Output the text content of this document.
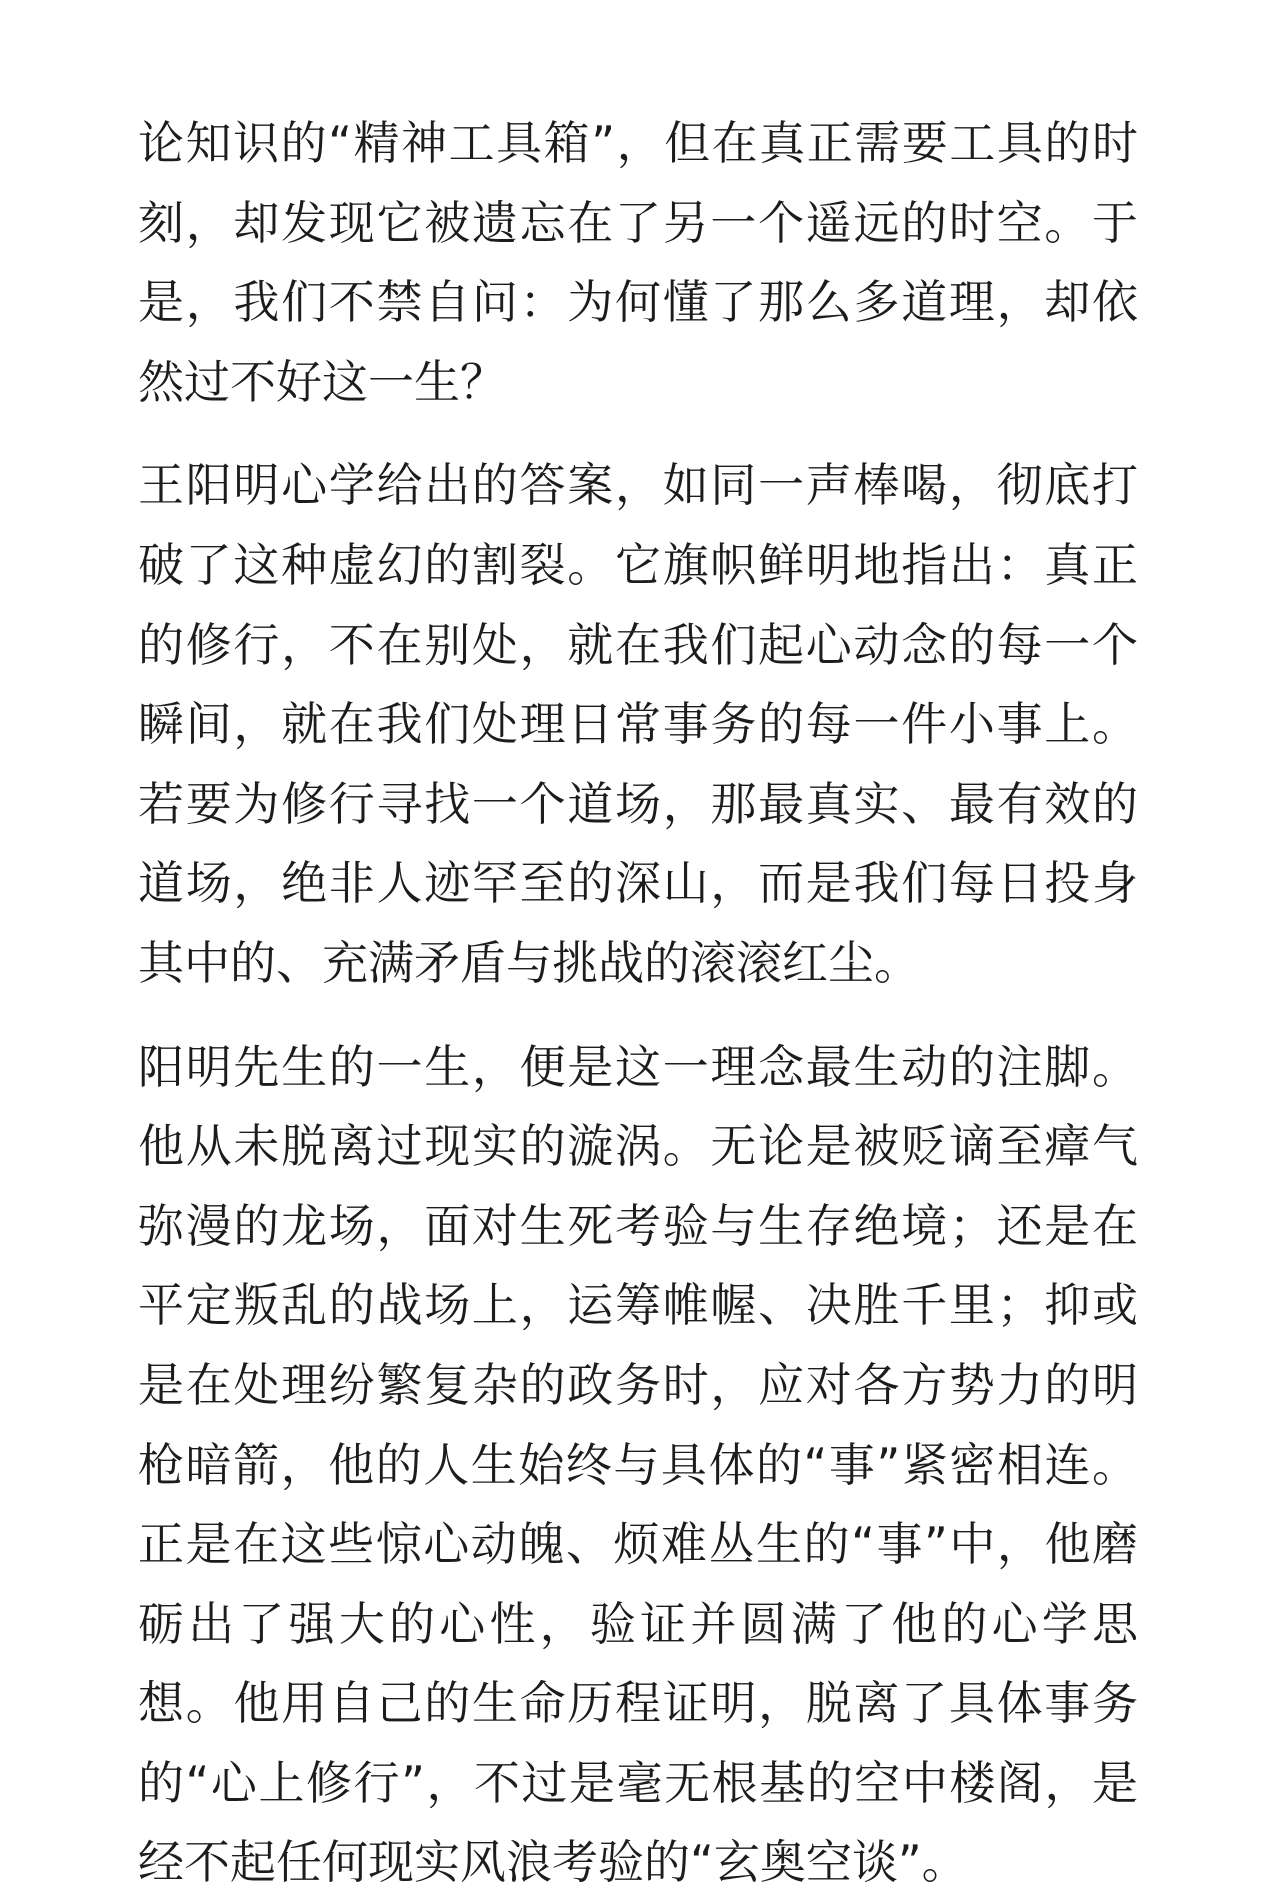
论知识的“精神工具箱”，但在真正需要工具的时刻，却发现它被遗忘在了另一个遥远的时空。于是，我们不禁自问：为何懂了那么多道理，却依然过不好这一生？

王阳明心学给出的答案，如同一声棒喝，彻底打破了这种虚幻的割裂。它旗帜鲜明地指出：真正的修行，不在别处，就在我们起心动念的每一个瞬间，就在我们处理日常事务的每一件小事上。若要为修行寻找一个道场，那最真实、最有效的道场，绝非人迹罕至的深山，而是我们每日投身其中的、充满矛盾与挑战的滚滚红尘。

阳明先生的一生，便是这一理念最生动的注脚。他从未脱离过现实的漩涡。无论是被贬谪至瘴气弥漫的龙场，面对生死考验与生存绝境；还是在平定叛乱的战场上，运筹帷幄、决胜千里；抑或是在处理纷繁复杂的政务时，应对各方势力的明枪暗箭，他的人生始终与具体的“事”紧密相连。正是在这些惊心动魄、烦难丛生的“事”中，他磨砺出了强大的心性，验证并圆满了他的心学思想。他用自己的生命历程证明，脱离了具体事务的“心上修行”，不过是毫无根基的空中楼阁，是经不起任何现实风浪考验的“玄奥空谈”。
